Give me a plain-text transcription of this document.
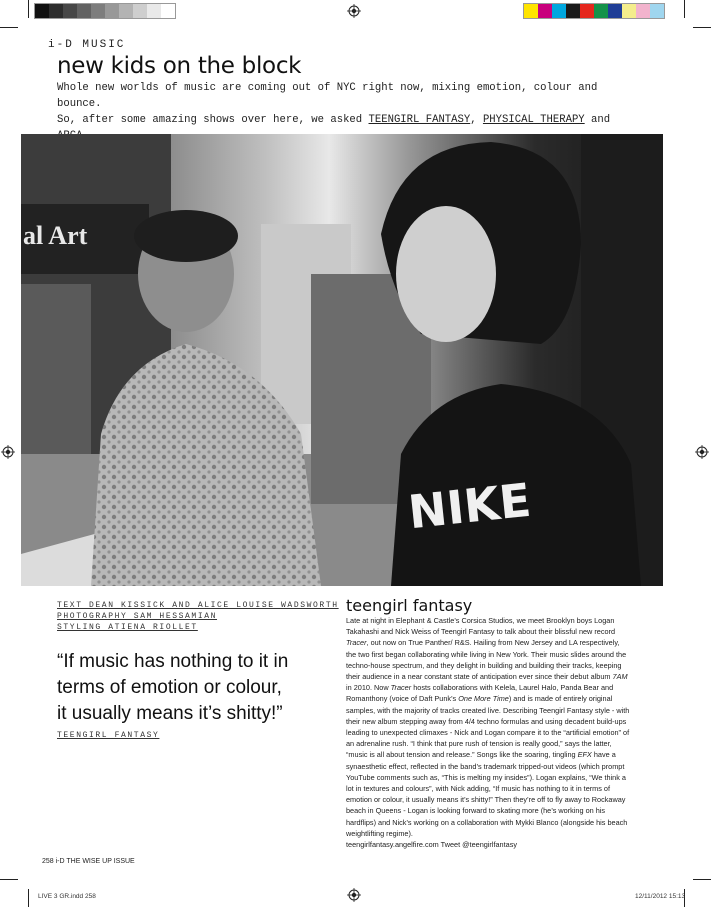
i-D MUSIC
new kids on the block
Whole new worlds of music are coming out of NYC right now, mixing emotion, colour and bounce.
So, after some amazing shows over here, we asked TEENGIRL FANTASY, PHYSICAL THERAPY and
al Art
NIKE
TEXT DEAN KISSICK AND ALICE LOUISE WADSWORTH
PHOTOGRAPHY SAM HESSAMIAN
STYLING ATIENA RIOLLET

“If music has nothing to it in
terms of emotion or colour,
it usually means it’s shitty!”

TEENGIRL FANTASY
teengirl fantasy

Late at night in Elephant & Castle’s Corsica Studios, we meet Brooklyn boys Logan Takahashi and Nick Weiss of Teengirl Fantasy to talk about their blissful new record Tracer, out now on True Panther/ R&S. Hailing from New Jersey and LA respectively, the two first began collaborating while living in New York. Their music slides around the techno-house spectrum, and they delight in building and building their tracks, keeping their audience in a near constant state of anticipation ever since their debut album 7AM in 2010. Now Tracer hosts collaborations with Kelela, Laurel Halo, Panda Bear and Romanthony (voice of Daft Punk’s One More Time) and is made of entirely original samples, with the majority of tracks created live. Describing Teengirl Fantasy style - with their new album stepping away from 4/4 techno formulas and using decadent build-ups leading to unexpected climaxes - Nick and Logan compare it to the “artificial emotion” of an adrenaline rush. “I think that pure rush of tension is really good,” says the latter, “music is all about tension and release.” Songs like the soaring, tingling EFX have a synaesthetic effect, reflected in the band’s trademark tripped-out videos (which prompt YouTube comments such as, “This is melting my insides”). Logan explains, “We think a lot in textures and colours”, with Nick adding, “If music has nothing to it in terms of emotion or colour, it usually means it’s shitty!” Then they’re off to fly away to Rockaway beach in Queens - Logan is looking forward to skating more (he’s working on his hardflips) and Nick’s working on a collaboration with Mykki Blanco (alongside his beach weightlifting regime).
teengirlfantasy.angelfire.com Tweet @teengirlfantasy

258 i-D THE WISE UP ISSUE
LIVE 3 GR.indd 258	12/11/2012 15:13
